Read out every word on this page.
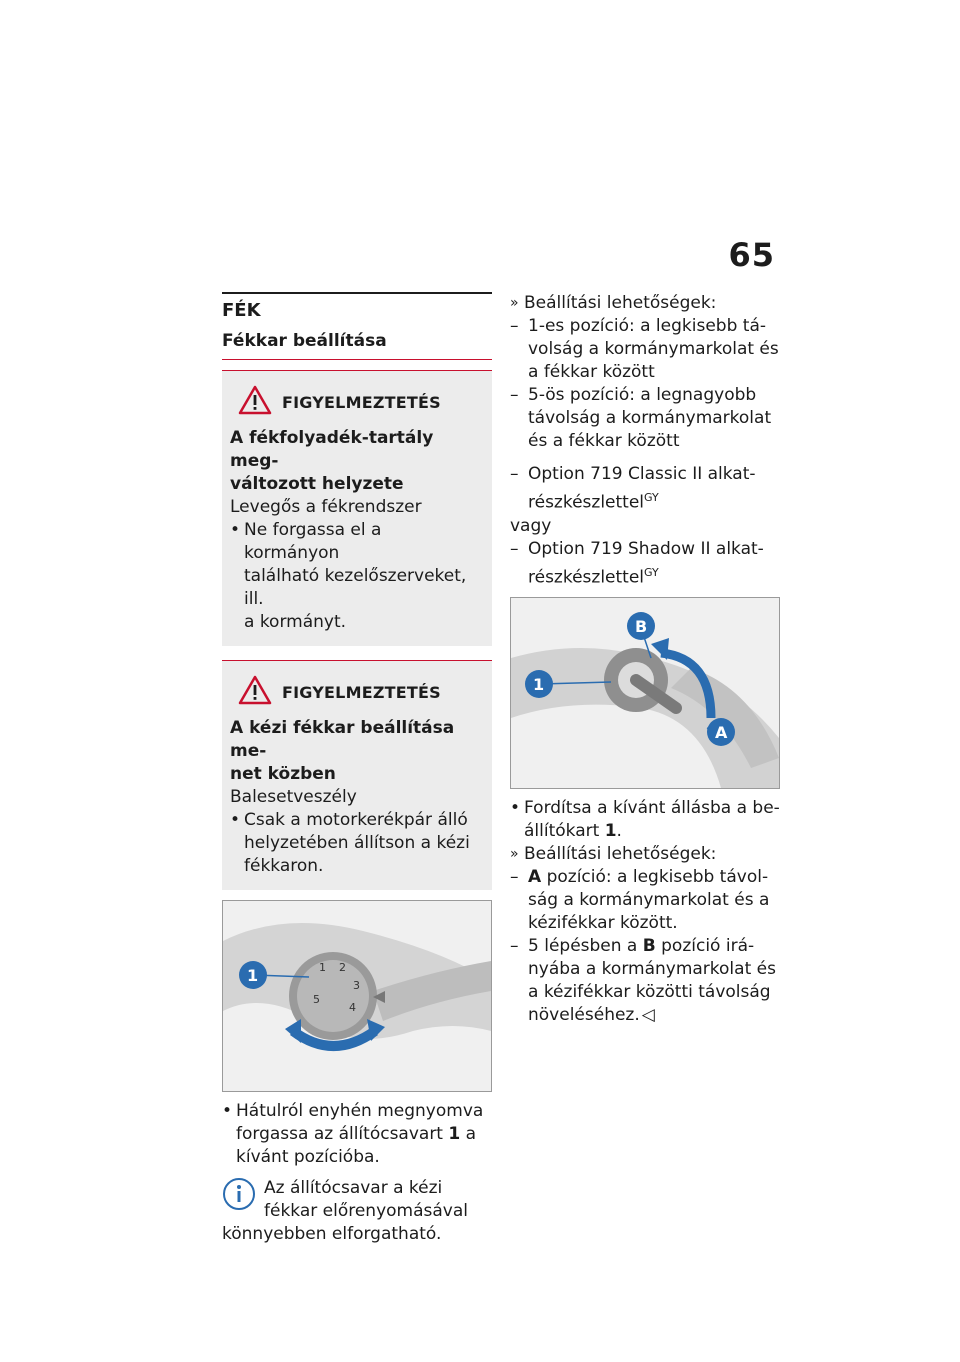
65
FÉK
Fékkar beállítása
FIGYELMEZTETÉS
A fékfolyadék-tartály meg-
változott helyzete
Levegős a fékrendszer
• Ne forgassa el a kormányon
található kezelőszerveket, ill.
a kormányt.
FIGYELMEZTETÉS
A kézi fékkar beállítása me-
net közben
Balesetveszély
• Csak a motorkerékpár álló
helyzetében állítson a kézi
fékkaron.
1 2
3
4
5
1
• Hátulról enyhén megnyomva
forgassa az állítócsavart 1 a
kívánt pozícióba.
Az állítócsavar a kézi
fékkar előrenyomásával
könnyebben elforgatható.
» Beállítási lehetőségek:
– 1-es pozíció: a legkisebb tá-
volság a kormánymarkolat és
a fékkar között
– 5-ös pozíció: a legnagyobb
távolság a kormánymarkolat
és a fékkar között
– Option 719 Classic II alkat-
részkészlettel$^{GY}$
vagy
– Option 719 Shadow II alkat-
részkészlettel$^{GY}$
1
B
A
• Fordítsa a kívánt állásba a be-
állítókart 1.
» Beállítási lehetőségek:
– A pozíció: a legkisebb távol-
ság a kormánymarkolat és a
kézifékkar között.
– 5 lépésben a B pozíció irá-
nyába a kormánymarkolat és
a kézifékkar közötti távolság
növeléséhez. ◁
